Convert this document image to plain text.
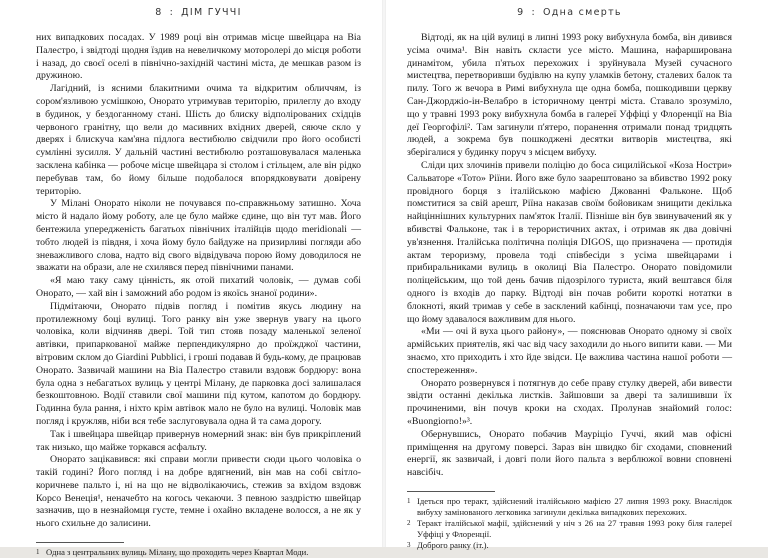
8 : ДІМ ГУЧЧІ

них випадкових посадах. У 1989 році він отримав місце швейцара на Віа Палестро, і звідтоді щодня їздив на невеличкому моторолері до місця роботи і назад, до своєї оселі в північно-західній частині міста, де мешкав разом із дружиною.

Лагідний, із ясними блакитними очима та відкритим обличчям, із сором'язливою усмішкою, Онорато утримував територію, прилеглу до входу в будинок, у бездоганному стані. Шість до блиску відполірованих східців червоного гранітну, що вели до масивних вхідних дверей, сяюче скло у дверях і блискуча кам'яна підлога вестибюлю свідчили про його особисті сумлінні зусилля. У дальній частині вестибюлю розташовувалася маленька засклена кабінка — робоче місце швейцара зі столом і стільцем, але він рідко перебував там, бо йому більше подобалося впорядковувати довірену територію.

У Мілані Онорато ніколи не почувався по-справжньому затишно. Хоча місто й надало йому роботу, але це було майже єдине, що він тут мав. Його бентежила упередженість багатьох північних італійців щодо meridionali — тобто людей із півдня, і хоча йому було байдуже на призирливі погляди або зневажливого слова, надто від свого відвідувача порою йому доводилося не зважати на образи, але не схилявся перед північними панами.

«Я маю таку саму цінність, як отой пихатий чоловік, — думав собі Онорато, — хай він і заможний або родом із якоїсь знаної родини».

Підмітаючи, Онорато підвів погляд і помітив якусь людину на протилежному боці вулиці. Того ранку він уже звернув увагу на цього чоловіка, коли відчиняв двері. Той тип стояв позаду маленької зеленої автівки, припаркованої майже перпендикулярно до проїжджої частини, вітровим склом до Giardini Pubblici, і гроші подавав й будь-кому, де працював Онорато. Зазвичай машини на Віа Палестро ставили вздовж бордюру: вона була одна з небагатьох вулиць у центрі Мілану, де парковка досі залишалася безкоштовною. Водії ставили свої машини під кутом, капотом до бордюру. Годинна була рання, і ніхто крім автівок мало не було на вулиці. Чоловік мав погляд і кружляв, ніби вся тебе заслуговувала одна й та сама дорогу.

Так і швейцара швейцар привернув номерний знак: він був прикріплений так низько, що майже торкався асфальту.

Онорато зацікавився: які справи могли привести сюди цього чоловіка о такій годині? Його погляд і на добре вдягнений, він мав на собі світло-коричневе пальто і, ні на що не відволікаючись, стежив за вхідом вздовж Корсо Венеція¹, неначебто на когось чекаючи. З певною заздрістю швейцар зазначив, що в незнайомця густе, темне і охайно вкладене волосся, а не як у нього схильне до залисини.

1 Одна з центральних вулиць Мілану, що проходить через Квартал Моди.
9 : Одна смерть

Відтоді, як на цій вулиці в липні 1993 року вибухнула бомба, він дивився усіма очима¹. Він навіть скласти усе місто. Машина, нафарширована динамітом, убила п'ятьох перехожих і зруйнувала Музей сучасного мистецтва, перетворивши будівлю на купу уламків бетону, сталевих балок та пилу. Того ж вечора в Римі вибухнула ще одна бомба, пошкодивши церкву Сан-Джорджіо-ін-Велабро в історичному центрі міста. Ставало зрозуміло, що у травні 1993 року вибухнула бомба в галереї Уффіці у Флоренції на Віа деї Георгофілі². Там загинули п'ятеро, поранення отримали понад тридцять людей, а зокрема був пошкоджені десятки витворів мистецтва, які зберігалися у будинку поруч з місцем вибуху.

Сліди цих злочинів привели поліцію до боса сицилійської «Коза Ностри» Сальваторе «Тото» Ріїни. Його вже було заарештовано за вбивство 1992 року провідного борця з італійською мафією Джованні Фальконе. Щоб помститися за свій арешт, Ріїна наказав своїм бойовикам знищити декілька найціннішних культурних пам'яток Італії. Пізніше він був звинувачений як у вбивстві Фальконе, так і в терористичних актах, і отримав як два довічні ув'язнення. Італійська політична поліція DIGOS, що призначена — протидія актам тероризму, провела тоді співбесіди з усіма швейцарами і прибиральниками вулиць в околиці Віа Палестро. Онорато повідомили поліцейським, що той день бачив підозрілого туриста, який вештався біля одного із входів до парку. Відтоді він почав робити короткі нотатки в блокноті, який тримав у себе в засклений кабінці, позначаючи там усе, про що йому здавалося важливим для нього.

«Ми — очі й вуха цього району», — пояснював Онорато одному зі своїх армійських приятелів, які час від часу заходили до нього випити кави. — Ми знаємо, хто приходить і хто йде звідси. Це важлива частина нашої роботи — спостереження».

Онорато розвернувся і потягнув до себе праву стулку дверей, аби вивести звідти останні декілька листків. Зайшовши за двері та залишивши їх прочиненими, він почув кроки на сходах. Пролунав знайомий голос: «Buongiorno!»³.

Обернувшись, Онорато побачив Мауріціо Гуччі, який мав офісні приміщення на другому поверсі. Зараз він швидко біг сходами, сповнений енергії, як зазвичай, і довгі поли його пальта з верблюжої вовни сповнені навсібіч.

1 Ідеться про теракт, здійснений італійською мафією 27 липня 1993 року. Внаслідок вибуху замінованого легковика загинули декілька випадкових перехожих.
2 Теракт італійської мафії, здійснений у ніч з 26 на 27 травня 1993 року біля галереї Уффіці у Флоренції.
3 Доброго ранку (іт.).
